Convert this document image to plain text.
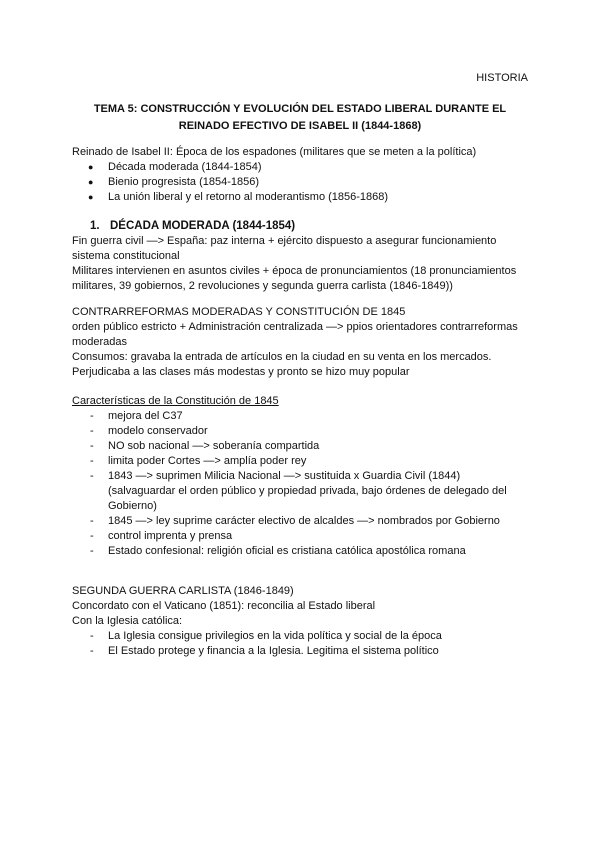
HISTORIA
TEMA 5: CONSTRUCCIÓN Y EVOLUCIÓN DEL ESTADO LIBERAL DURANTE EL
REINADO EFECTIVO DE ISABEL II (1844-1868)
Reinado de Isabel II: Época de los espadones (militares que se meten a la política)
● Década moderada (1844-1854)
● Bienio progresista (1854-1856)
● La unión liberal y el retorno al moderantismo (1856-1868)
1. DÉCADA MODERADA (1844-1854)
Fin guerra civil —> España: paz interna + ejército dispuesto a asegurar funcionamiento sistema constitucional
Militares intervienen en asuntos civiles + época de pronunciamientos (18 pronunciamientos militares, 39 gobiernos, 2 revoluciones y segunda guerra carlista (1846-1849))
CONTRARREFORMAS MODERADAS Y CONSTITUCIÓN DE 1845
orden público estricto + Administración centralizada —> ppios orientadores contrarreformas moderadas
Consumos: gravaba la entrada de artículos en la ciudad en su venta en los mercados. Perjudicaba a las clases más modestas y pronto se hizo muy popular
Características de la Constitución de 1845
- mejora del C37
- modelo conservador
- NO sob nacional —> soberanía compartida
- limita poder Cortes —> amplía poder rey
- 1843 —> suprimen Milicia Nacional —> sustituida x Guardia Civil (1844) (salvaguardar el orden público y propiedad privada, bajo órdenes de delegado del Gobierno)
- 1845 —> ley suprime carácter electivo de alcaldes —> nombrados por Gobierno
- control imprenta y prensa
- Estado confesional: religión oficial es cristiana católica apostólica romana
SEGUNDA GUERRA CARLISTA (1846-1849)
Concordato con el Vaticano (1851): reconcilia al Estado liberal
Con la Iglesia católica:
- La Iglesia consigue privilegios en la vida política y social de la época
- El Estado protege y financia a la Iglesia. Legitima el sistema político
